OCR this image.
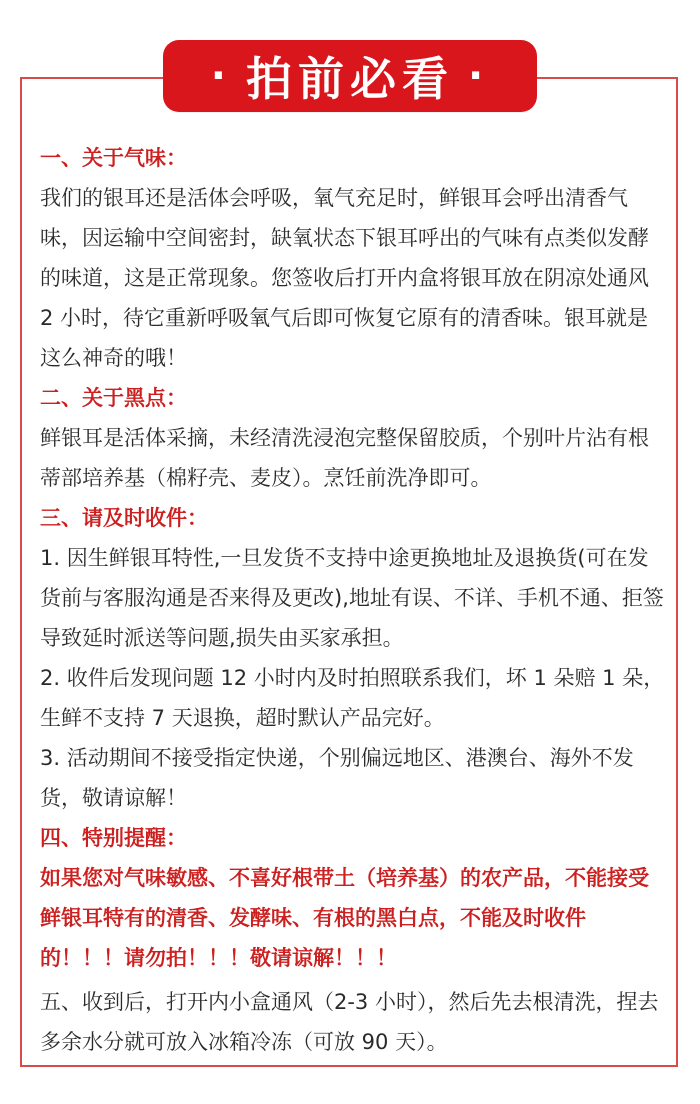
· 拍前必看 ·
一、关于气味：

我们的银耳还是活体会呼吸，氧气充足时，鲜银耳会呼出清香气味，因运输中空间密封，缺氧状态下银耳呼出的气味有点类似发酵的味道，这是正常现象。您签收后打开内盒将银耳放在阴凉处通风 2 小时，待它重新呼吸氧气后即可恢复它原有的清香味。银耳就是这么神奇的哦！

二、关于黑点：

鲜银耳是活体采摘，未经清洗浸泡完整保留胶质，个别叶片沾有根蒂部培养基（棉籽壳、麦皮）。烹饪前洗净即可。

三、请及时收件：

1. 因生鲜银耳特性,一旦发货不支持中途更换地址及退换货(可在发货前与客服沟通是否来得及更改),地址有误、不详、手机不通、拒签导致延时派送等问题,损失由买家承担。

2. 收件后发现问题 12 小时内及时拍照联系我们，坏 1 朵赔 1 朵，生鲜不支持 7 天退换，超时默认产品完好。

3. 活动期间不接受指定快递，个别偏远地区、港澳台、海外不发货，敬请谅解！

四、特别提醒：

如果您对气味敏感、不喜好根带土（培养基）的农产品，不能接受鲜银耳特有的清香、发酵味、有根的黑白点，不能及时收件的！！！请勿拍！！！敬请谅解！！！

五、收到后，打开内小盒通风（2-3 小时），然后先去根清洗，捏去多余水分就可放入冰箱冷冻（可放 90 天）。
